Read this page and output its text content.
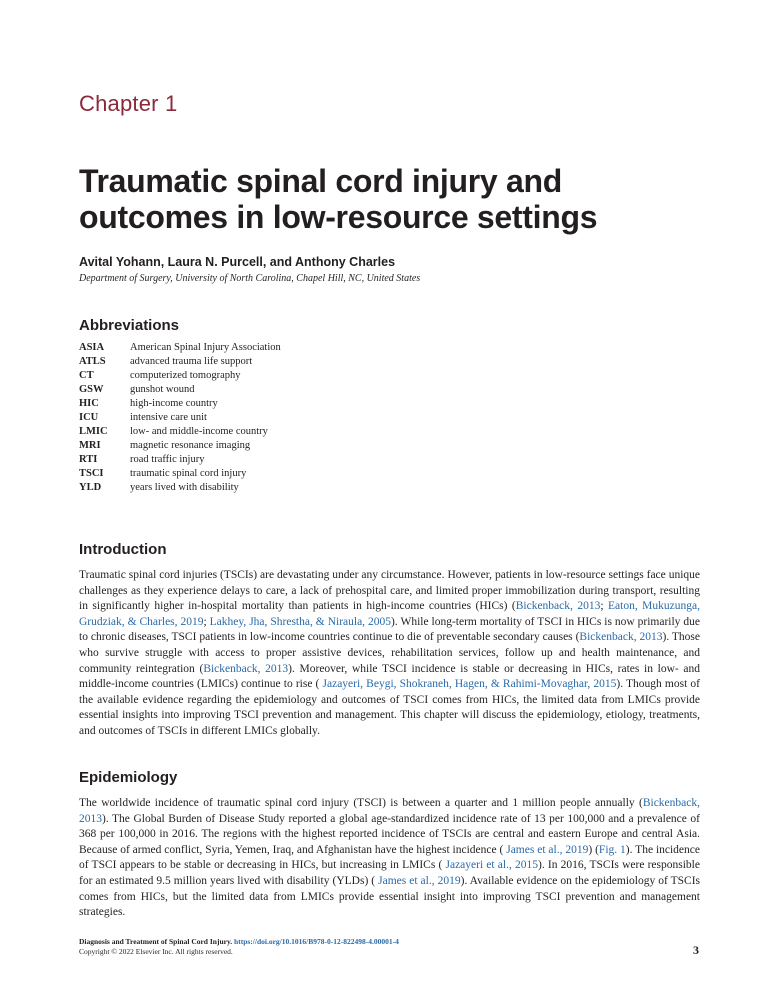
Chapter 1
Traumatic spinal cord injury and outcomes in low-resource settings
Avital Yohann, Laura N. Purcell, and Anthony Charles
Department of Surgery, University of North Carolina, Chapel Hill, NC, United States
Abbreviations
ASIA	American Spinal Injury Association
ATLS	advanced trauma life support
CT	computerized tomography
GSW	gunshot wound
HIC	high-income country
ICU	intensive care unit
LMIC	low- and middle-income country
MRI	magnetic resonance imaging
RTI	road traffic injury
TSCI	traumatic spinal cord injury
YLD	years lived with disability
Introduction

Traumatic spinal cord injuries (TSCIs) are devastating under any circumstance. However, patients in low-resource settings face unique challenges as they experience delays to care, a lack of prehospital care, and limited proper immobilization during transport, resulting in significantly higher in-hospital mortality than patients in high-income countries (HICs) (Bickenback, 2013; Eaton, Mukuzunga, Grudziak, & Charles, 2019; Lakhey, Jha, Shrestha, & Niraula, 2005). While long-term mortality of TSCI in HICs is now primarily due to chronic diseases, TSCI patients in low-income countries continue to die of preventable secondary causes (Bickenback, 2013). Those who survive struggle with access to proper assistive devices, rehabilitation services, follow up and health maintenance, and community reintegration (Bickenback, 2013). Moreover, while TSCI incidence is stable or decreasing in HICs, rates in low- and middle-income countries (LMICs) continue to rise ( Jazayeri, Beygi, Shokraneh, Hagen, & Rahimi-Movaghar, 2015). Though most of the available evidence regarding the epidemiology and outcomes of TSCI comes from HICs, the limited data from LMICs provide essential insights into improving TSCI prevention and management. This chapter will discuss the epidemiology, etiology, treatments, and outcomes of TSCIs in different LMICs globally.

Epidemiology

The worldwide incidence of traumatic spinal cord injury (TSCI) is between a quarter and 1 million people annually (Bickenback, 2013). The Global Burden of Disease Study reported a global age-standardized incidence rate of 13 per 100,000 and a prevalence of 368 per 100,000 in 2016. The regions with the highest reported incidence of TSCIs are central and eastern Europe and central Asia. Because of armed conflict, Syria, Yemen, Iraq, and Afghanistan have the highest incidence ( James et al., 2019) (Fig. 1). The incidence of TSCI appears to be stable or decreasing in HICs, but increasing in LMICs ( Jazayeri et al., 2015). In 2016, TSCIs were responsible for an estimated 9.5 million years lived with disability (YLDs) ( James et al., 2019). Available evidence on the epidemiology of TSCIs comes from HICs, but the limited data from LMICs provide essential insight into improving TSCI prevention and management strategies.

Diagnosis and Treatment of Spinal Cord Injury. https://doi.org/10.1016/B978-0-12-822498-4.00001-4
Copyright © 2022 Elsevier Inc. All rights reserved.	3
